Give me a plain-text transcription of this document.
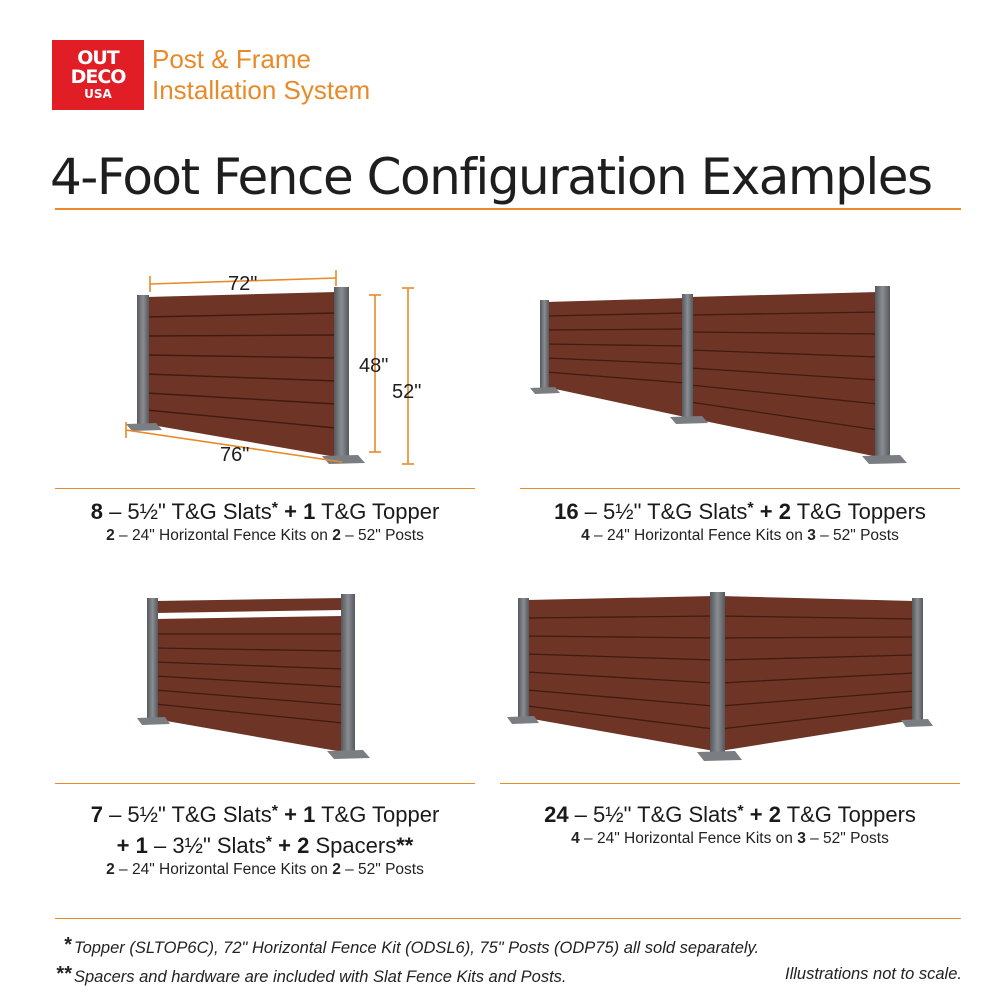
OUT
DECO
USA
Post & Frame
Installation System
4-Foot Fence Configuration Examples
72"
76"
48"
52"
8 – 5½" T&G Slats* + 1 T&G Topper
2 – 24" Horizontal Fence Kits on 2 – 52" Posts
16 – 5½" T&G Slats* + 2 T&G Toppers
4 – 24" Horizontal Fence Kits on 3 – 52" Posts
7 – 5½" T&G Slats* + 1 T&G Topper
+ 1 – 3½" Slats* + 2 Spacers**
2 – 24" Horizontal Fence Kits on 2 – 52" Posts
24 – 5½" T&G Slats* + 2 T&G Toppers
4 – 24" Horizontal Fence Kits on 3 – 52" Posts
* Topper (SLTOP6C), 72" Horizontal Fence Kit (ODSL6), 75" Posts (ODP75) all sold separately.
** Spacers and hardware are included with Slat Fence Kits and Posts.	Illustrations not to scale.
